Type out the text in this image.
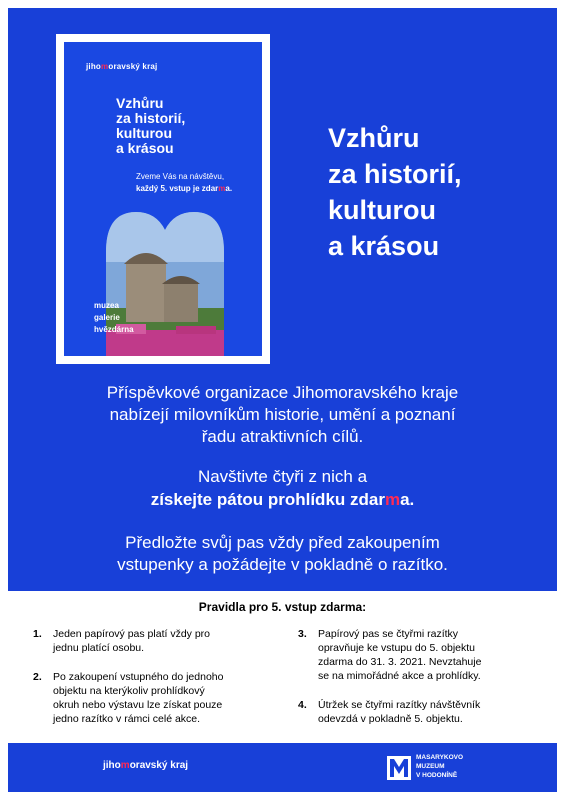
jihomoravský kraj
Vzhůru
za historií,
kulturou
a krásou
Zveme Vás na návštěvu,
každý 5. vstup je zdarma.
muzea
galerie
hvězdárna
Vzhůru
za historií,
kulturou
a krásou
Příspěvkové organizace Jihomoravského kraje
nabízejí milovníkům historie, umění a poznaní
řadu atraktivních cílů.
Navštivte čtyři z nich a
získejte pátou prohlídku zdarma.
Předložte svůj pas vždy před zakoupením
vstupenky a požádejte v pokladně o razítko.
Pravidla pro 5. vstup zdarma:
1. Jeden papírový pas platí vždy pro
jednu platící osobu.
2. Po zakoupení vstupného do jednoho
objektu na kterýkoliv prohlídkový
okruh nebo výstavu lze získat pouze
jedno razítko v rámci celé akce.
3. Papírový pas se čtyřmi razítky
opravňuje ke vstupu do 5. objektu
zdarma do 31. 3. 2021. Nevztahuje
se na mimořádné akce a prohlídky.
4. Útržek se čtyřmi razítky návštěvník
odevzdá v pokladně 5. objektu.
jihomoravský kraj
MASARYKOVO
MUZEUM
V HODONÍNĚ
